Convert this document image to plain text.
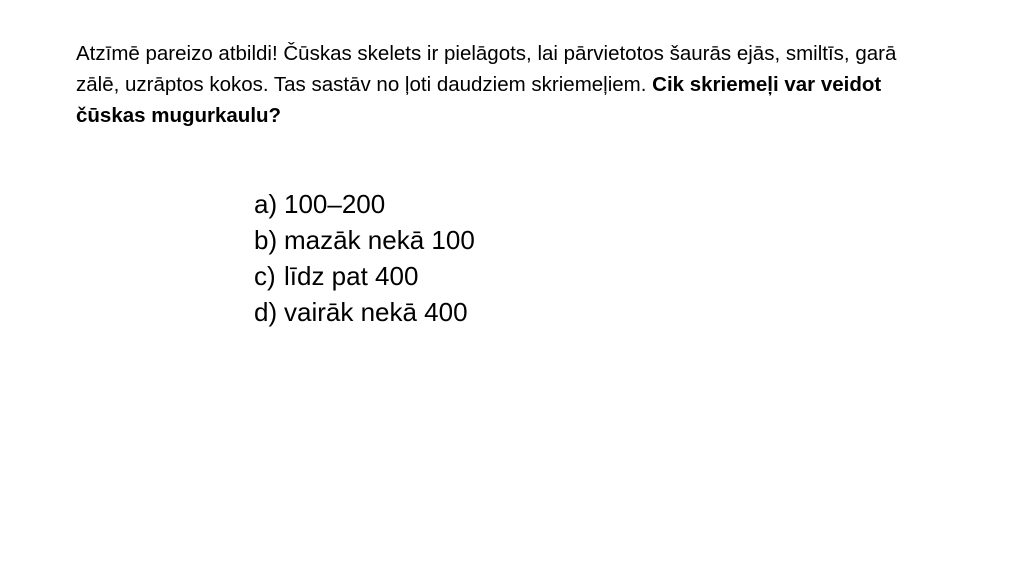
Atzīmē pareizo atbildi! Čūskas skelets ir pielāgots, lai pārvietotos šaurās ejās, smiltīs, garā zālē, uzrāptos kokos. Tas sastāv no ļoti daudziem skriemeļiem. Cik skriemeļi var veidot čūskas mugurkaulu?

a) 100–200
b) mazāk nekā 100
c) līdz pat 400
d) vairāk nekā 400
